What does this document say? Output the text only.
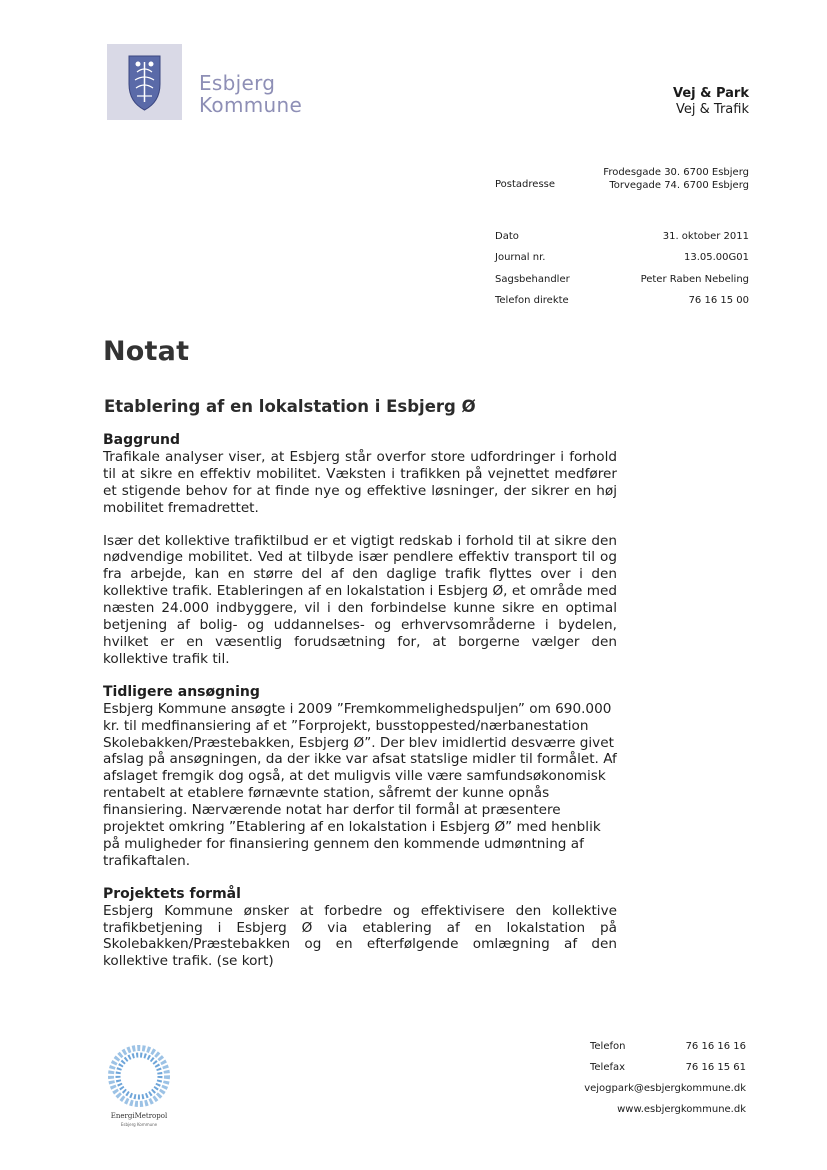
Esbjerg
Kommune	Vej & Park
Vej & Trafik
Postadresse
Frodesgade 30. 6700 Esbjerg
Torvegade 74. 6700 Esbjerg
Dato	31. oktober 2011
Journal nr.	13.05.00G01
Sagsbehandler	Peter Raben Nebeling
Telefon direkte	76 16 15 00
Notat
Etablering af en lokalstation i Esbjerg Ø

Baggrund

Trafikale analyser viser, at Esbjerg står overfor store udfordringer i forhold til at sikre en effektiv mobilitet. Væksten i trafikken på vejnettet medfører et stigende behov for at finde nye og effektive løsninger, der sikrer en høj mobilitet fremadrettet.

Især det kollektive trafiktilbud er et vigtigt redskab i forhold til at sikre den nødvendige mobilitet. Ved at tilbyde især pendlere effektiv transport til og fra arbejde, kan en større del af den daglige trafik flyttes over i den kollektive trafik. Etableringen af en lokalstation i Esbjerg Ø, et område med næsten 24.000 indbyggere, vil i den forbindelse kunne sikre en optimal betjening af bolig- og uddannelses- og erhvervsområderne i bydelen, hvilket er en væsentlig forudsætning for, at borgerne vælger den kollektive trafik til.

Tidligere ansøgning

Esbjerg Kommune ansøgte i 2009 ”Fremkommelighedspuljen” om 690.000 kr. til medfinansiering af et ”Forprojekt, busstoppested/nærbanestation Skolebakken/Præstebakken, Esbjerg Ø”. Der blev imidlertid desværre givet afslag på ansøgningen, da der ikke var afsat statslige midler til formålet. Af afslaget fremgik dog også, at det muligvis ville være samfundsøkonomisk rentabelt at etablere førnævnte station, såfremt der kunne opnås finansiering. Nærværende notat har derfor til formål at præsentere projektet omkring ”Etablering af en lokalstation i Esbjerg Ø” med henblik på muligheder for finansiering gennem den kommende udmøntning af trafikaftalen.

Projektets formål

Esbjerg Kommune ønsker at forbedre og effektivisere den kollektive trafikbetjening i Esbjerg Ø via etablering af en lokalstation på Skolebakken/Præstebakken og en efterfølgende omlægning af den kollektive trafik. (se kort)

EnergiMetropol
Esbjerg Kommune
Telefon	76 16 16 16
Telefax	76 16 15 61
vejogpark@esbjergkommune.dk
www.esbjergkommune.dk
